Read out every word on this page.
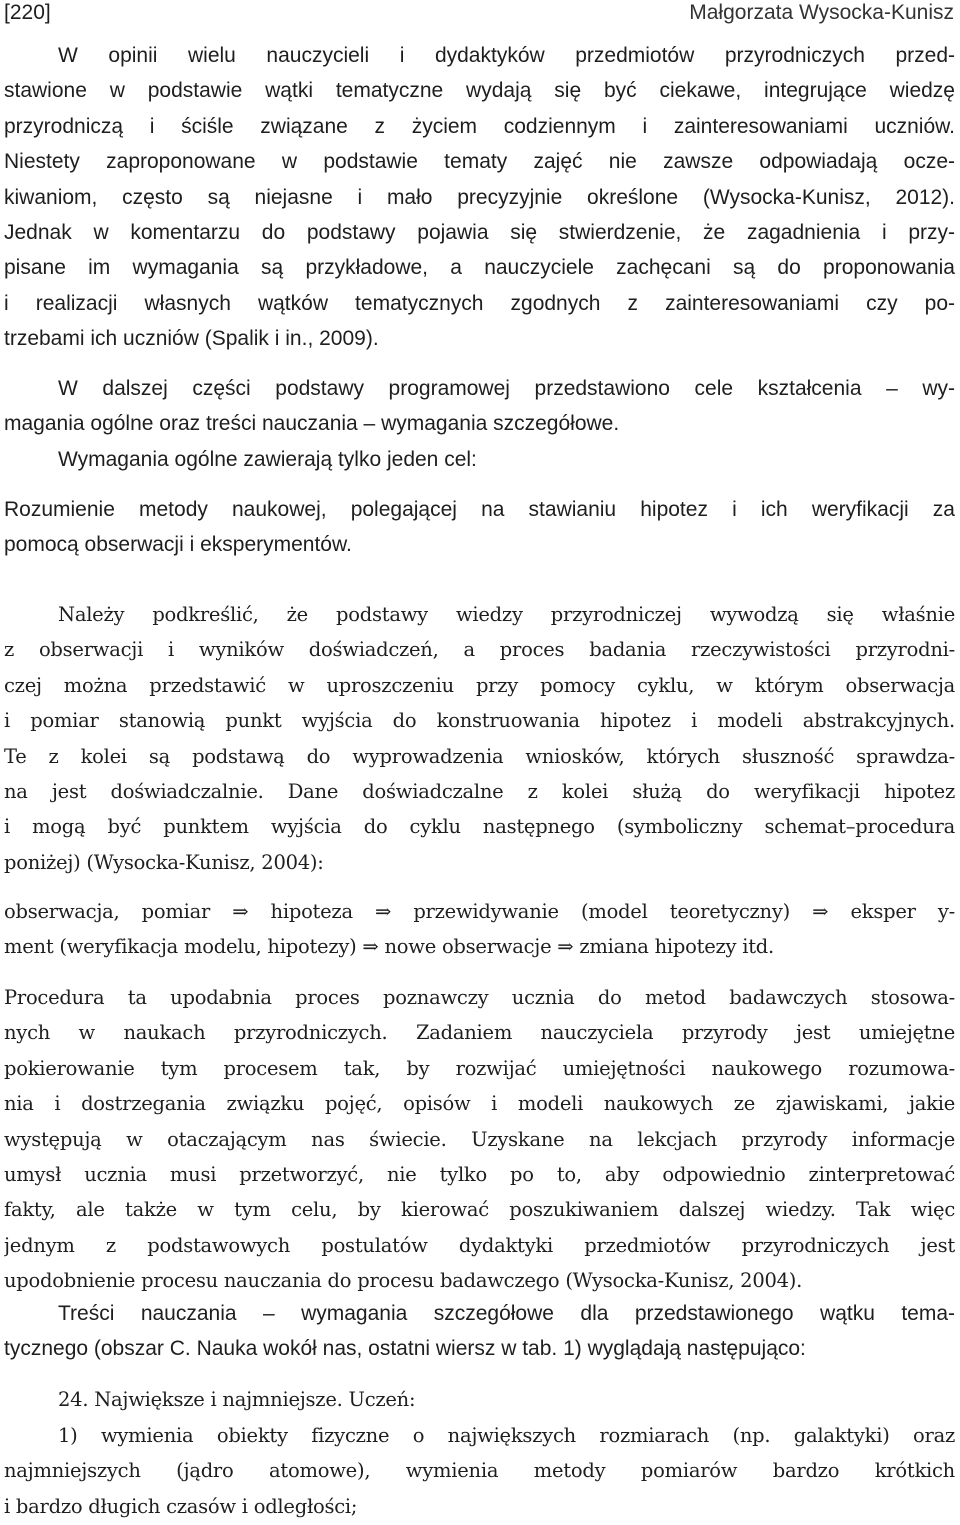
[220]	Małgorzata Wysocka-Kunisz
W opinii wielu nauczycieli i dydaktyków przedmiotów przyrodniczych przed-
stawione w podstawie wątki tematyczne wydają się być ciekawe, integrujące wiedzę
przyrodniczą i ściśle związane z życiem codziennym i zainteresowaniami uczniów.
Niestety zaproponowane w podstawie tematy zajęć nie zawsze odpowiadają ocze-
kiwaniom, często są niejasne i mało precyzyjnie określone (Wysocka-Kunisz, 2012).
Jednak w komentarzu do podstawy pojawia się stwierdzenie, że zagadnienia i przy-
pisane im wymagania są przykładowe, a nauczyciele zachęcani są do proponowania
i realizacji własnych wątków tematycznych zgodnych z zainteresowaniami czy po-
trzebami ich uczniów (Spalik i in., 2009).
W dalszej części podstawy programowej przedstawiono cele kształcenia – wy-
magania ogólne oraz treści nauczania – wymagania szczegółowe.
Wymagania ogólne zawierają tylko jeden cel:
Rozumienie metody naukowej, polegającej na stawianiu hipotez i ich weryfikacji za
pomocą obserwacji i eksperymentów.
Należy podkreślić, że podstawy wiedzy przyrodniczej wywodzą się właśnie
z obserwacji i wyników doświadczeń, a proces badania rzeczywistości przyrodni-
czej można przedstawić w uproszczeniu przy pomocy cyklu, w którym obserwacja
i pomiar stanowią punkt wyjścia do konstruowania hipotez i modeli abstrakcyjnych.
Te z kolei są podstawą do wyprowadzenia wniosków, których słuszność sprawdza-
na jest doświadczalnie. Dane doświadczalne z kolei służą do weryfikacji hipotez
i mogą być punktem wyjścia do cyklu następnego (symboliczny schemat–procedura
poniżej) (Wysocka-Kunisz, 2004):
obserwacja, pomiar ⇒ hipoteza ⇒ przewidywanie (model teoretyczny) ⇒ eksper y-
ment (weryfikacja modelu, hipotezy) ⇒ nowe obserwacje ⇒ zmiana hipotezy itd.
Procedura ta upodabnia proces poznawczy ucznia do metod badawczych stosowa-
nych w naukach przyrodniczych. Zadaniem nauczyciela przyrody jest umiejętne
pokierowanie tym procesem tak, by rozwijać umiejętności naukowego rozumowa-
nia i dostrzegania związku pojęć, opisów i modeli naukowych ze zjawiskami, jakie
występują w otaczającym nas świecie. Uzyskane na lekcjach przyrody informacje
umysł ucznia musi przetworzyć, nie tylko po to, aby odpowiednio zinterpretować
fakty, ale także w tym celu, by kierować poszukiwaniem dalszej wiedzy. Tak więc
jednym z podstawowych postulatów dydaktyki przedmiotów przyrodniczych jest
upodobnienie procesu nauczania do procesu badawczego (Wysocka-Kunisz, 2004).
Treści nauczania – wymagania szczegółowe dla przedstawionego wątku tema-
tycznego (obszar C. Nauka wokół nas, ostatni wiersz w tab. 1) wyglądają następująco:
24. Największe i najmniejsze. Uczeń:
1) wymienia obiekty fizyczne o największych rozmiarach (np. galaktyki) oraz
najmniejszych (jądro atomowe), wymienia metody pomiarów bardzo krótkich
i bardzo długich czasów i odległości;
